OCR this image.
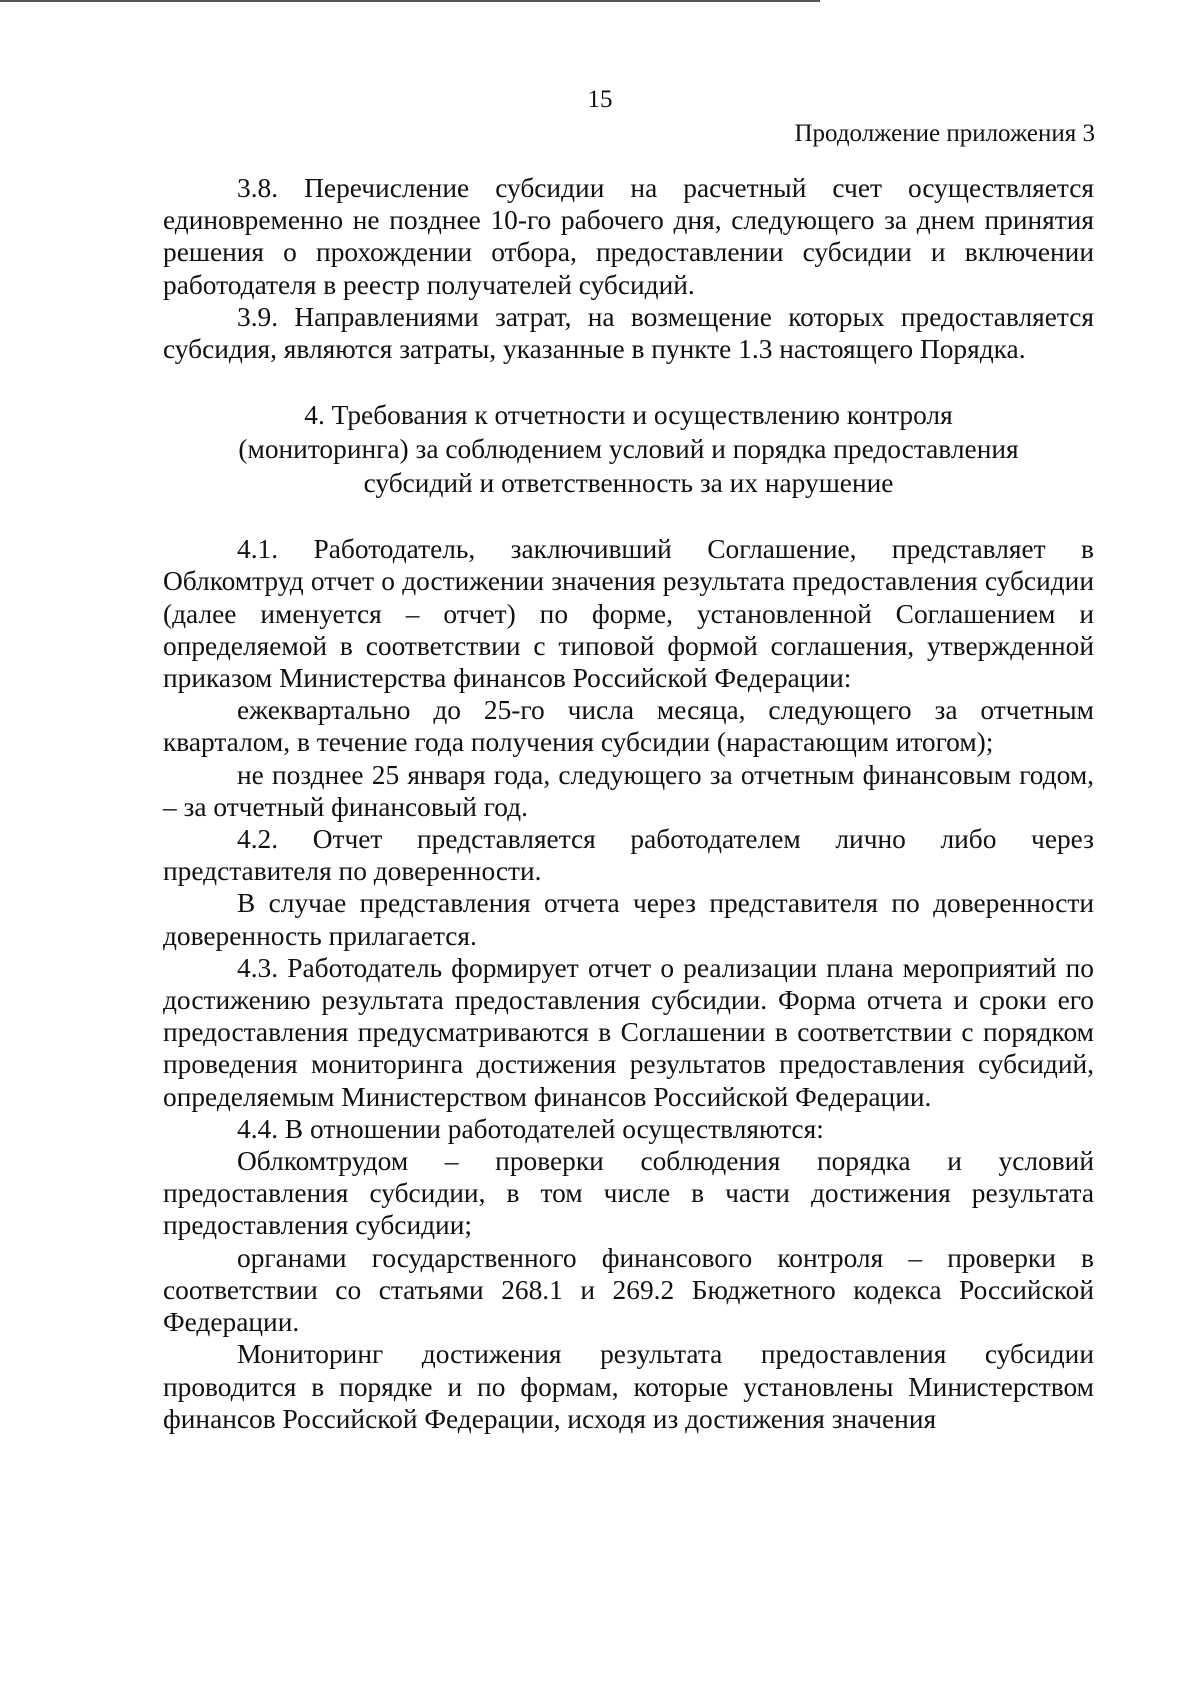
15
Продолжение приложения 3

3.8. Перечисление субсидии на расчетный счет осуществляется единовременно не позднее 10-го рабочего дня, следующего за днем принятия решения о прохождении отбора, предоставлении субсидии и включении работодателя в реестр получателей субсидий.

3.9. Направлениями затрат, на возмещение которых предоставляется субсидия, являются затраты, указанные в пункте 1.3 настоящего Порядка.

4. Требования к отчетности и осуществлению контроля
(мониторинга) за соблюдением условий и порядка предоставления
субсидий и ответственность за их нарушение

4.1. Работодатель, заключивший Соглашение, представляет в Облкомтруд отчет о достижении значения результата предоставления субсидии (далее именуется – отчет) по форме, установленной Соглашением и определяемой в соответствии с типовой формой соглашения, утвержденной приказом Министерства финансов Российской Федерации:

ежеквартально до 25-го числа месяца, следующего за отчетным кварталом, в течение года получения субсидии (нарастающим итогом);

не позднее 25 января года, следующего за отчетным финансовым годом, – за отчетный финансовый год.

4.2. Отчет представляется работодателем лично либо через представителя по доверенности.

В случае представления отчета через представителя по доверенности доверенность прилагается.

4.3. Работодатель формирует отчет о реализации плана мероприятий по достижению результата предоставления субсидии. Форма отчета и сроки его предоставления предусматриваются в Соглашении в соответствии с порядком проведения мониторинга достижения результатов предоставления субсидий, определяемым Министерством финансов Российской Федерации.

4.4. В отношении работодателей осуществляются:

Облкомтрудом – проверки соблюдения порядка и условий предоставления субсидии, в том числе в части достижения результата предоставления субсидии;

органами государственного финансового контроля – проверки в соответствии со статьями 268.1 и 269.2 Бюджетного кодекса Российской Федерации.

Мониторинг достижения результата предоставления субсидии проводится в порядке и по формам, которые установлены Министерством финансов Российской Федерации, исходя из достижения значения
